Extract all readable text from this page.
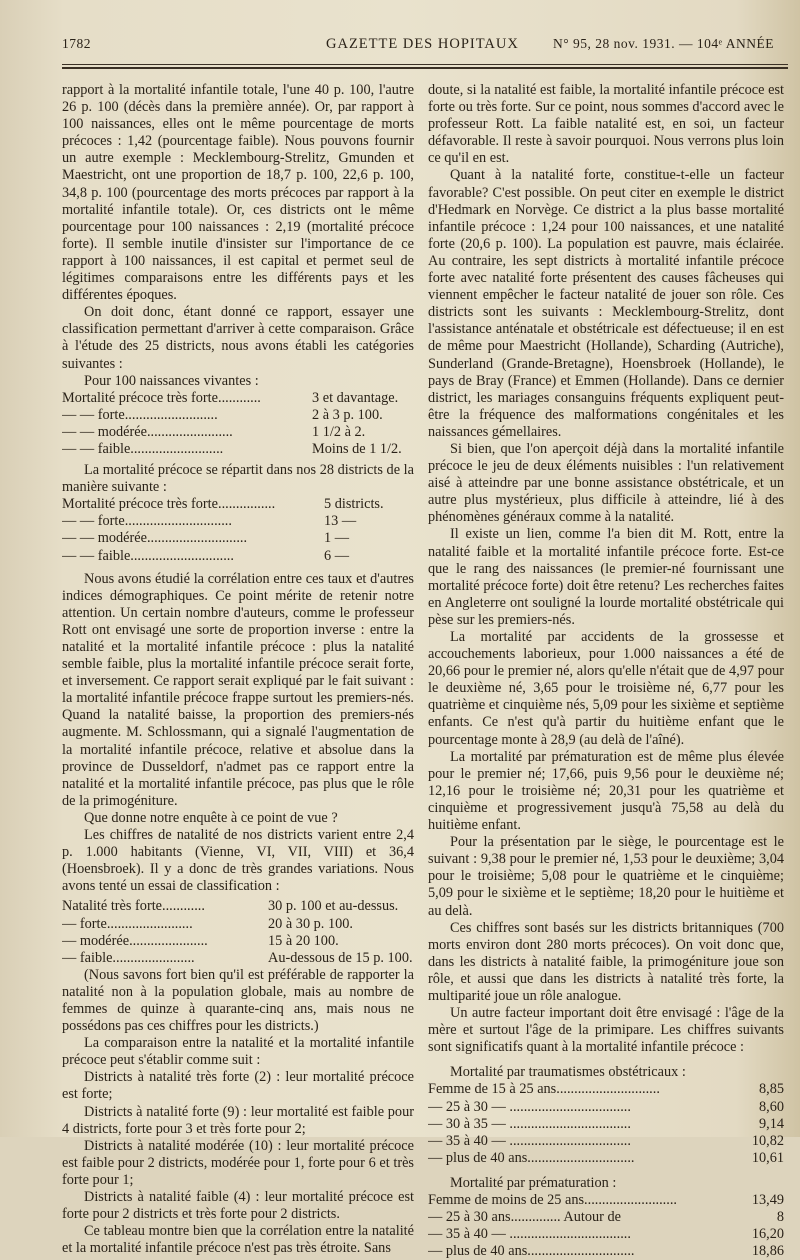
1782	GAZETTE DES HOPITAUX	N° 95, 28 nov. 1931. — 104ᵉ ANNÉE

rapport à la mortalité infantile totale, l'une 40 p. 100, l'autre 26 p. 100 (décès dans la première année). Or, par rapport à 100 naissances, elles ont le même pourcentage de morts précoces : 1,42 (pourcentage faible). Nous pouvons fournir un autre exemple : Mecklembourg-Strelitz, Gmunden et Maestricht, ont une proportion de 18,7 p. 100, 22,6 p. 100, 34,8 p. 100 (pourcentage des morts précoces par rapport à la mortalité infantile totale). Or, ces districts ont le même pourcentage pour 100 naissances : 2,19 (mortalité précoce forte). Il semble inutile d'insister sur l'importance de ce rapport à 100 naissances, il est capital et permet seul de légitimes comparaisons entre les différents pays et les différentes époques.

On doit donc, étant donné ce rapport, essayer une classification permettant d'arriver à cette comparaison. Grâce à l'étude des 25 districts, nous avons établi les catégories suivantes :

Pour 100 naissances vivantes :

Mortalité précoce très forte............	3 et davantage.
— — forte..........................	2 à 3 p. 100.
— — modérée........................	1 1/2 à 2.
— — faible..........................	Moins de 1 1/2.

La mortalité précoce se répartit dans nos 28 districts de la manière suivante :

Mortalité précoce très forte................	5 districts.
— — forte..............................	13 —
— — modérée............................	1 —
— — faible.............................	6 —

Nous avons étudié la corrélation entre ces taux et d'autres indices démographiques. Ce point mérite de retenir notre attention. Un certain nombre d'auteurs, comme le professeur Rott ont envisagé une sorte de proportion inverse : entre la natalité et la mortalité infantile précoce : plus la natalité semble faible, plus la mortalité infantile précoce serait forte, et inversement. Ce rapport serait expliqué par le fait suivant : la mortalité infantile précoce frappe surtout les premiers-nés. Quand la natalité baisse, la proportion des premiers-nés augmente. M. Schlossmann, qui a signalé l'augmentation de la mortalité infantile précoce, relative et absolue dans la province de Dusseldorf, n'admet pas ce rapport entre la natalité et la mortalité infantile précoce, pas plus que le rôle de la primogéniture.

Que donne notre enquête à ce point de vue ?

Les chiffres de natalité de nos districts varient entre 2,4 p. 1.000 habitants (Vienne, VI, VII, VIII) et 36,4 (Hoensbroek). Il y a donc de très grandes variations. Nous avons tenté un essai de classification :

Natalité très forte............	30 p. 100 et au-dessus.
— forte........................	20 à 30 p. 100.
— modérée......................	15 à 20 100.
— faible.......................	Au-dessous de 15 p. 100.

(Nous savons fort bien qu'il est préférable de rapporter la natalité non à la population globale, mais au nombre de femmes de quinze à quarante-cinq ans, mais nous ne possédons pas ces chiffres pour les districts.)

La comparaison entre la natalité et la mortalité infantile précoce peut s'établir comme suit :

Districts à natalité très forte (2) : leur mortalité précoce est forte;

Districts à natalité forte (9) : leur mortalité est faible pour 4 districts, forte pour 3 et très forte pour 2;

Districts à natalité modérée (10) : leur mortalité précoce est faible pour 2 districts, modérée pour 1, forte pour 6 et très forte pour 1;

Districts à natalité faible (4) : leur mortalité précoce est forte pour 2 districts et très forte pour 2 districts.

Ce tableau montre bien que la corrélation entre la natalité et la mortalité infantile précoce n'est pas très étroite. Sans

doute, si la natalité est faible, la mortalité infantile précoce est forte ou très forte. Sur ce point, nous sommes d'accord avec le professeur Rott. La faible natalité est, en soi, un facteur défavorable. Il reste à savoir pourquoi. Nous verrons plus loin ce qu'il en est.

Quant à la natalité forte, constitue-t-elle un facteur favorable? C'est possible. On peut citer en exemple le district d'Hedmark en Norvège. Ce district a la plus basse mortalité infantile précoce : 1,24 pour 100 naissances, et une natalité forte (20,6 p. 100). La population est pauvre, mais éclairée. Au contraire, les sept districts à mortalité infantile précoce forte avec natalité forte présentent des causes fâcheuses qui viennent empêcher le facteur natalité de jouer son rôle. Ces districts sont les suivants : Mecklembourg-Strelitz, dont l'assistance anténatale et obstétricale est défectueuse; il en est de même pour Maestricht (Hollande), Scharding (Autriche), Sunderland (Grande-Bretagne), Hoensbroek (Hollande), le pays de Bray (France) et Emmen (Hollande). Dans ce dernier district, les mariages consanguins fréquents expliquent peut-être la fréquence des malformations congénitales et les naissances gémellaires.

Si bien, que l'on aperçoit déjà dans la mortalité infantile précoce le jeu de deux éléments nuisibles : l'un relativement aisé à atteindre par une bonne assistance obstétricale, et un autre plus mystérieux, plus difficile à atteindre, lié à des phénomènes généraux comme à la natalité.

Il existe un lien, comme l'a bien dit M. Rott, entre la natalité faible et la mortalité infantile précoce forte. Est-ce que le rang des naissances (le premier-né fournissant une mortalité précoce forte) doit être retenu? Les recherches faites en Angleterre ont souligné la lourde mortalité obstétricale qui pèse sur les premiers-nés.

La mortalité par accidents de la grossesse et accouchements laborieux, pour 1.000 naissances a été de 20,66 pour le premier né, alors qu'elle n'était que de 4,97 pour le deuxième né, 3,65 pour le troisième né, 6,77 pour les quatrième et cinquième nés, 5,09 pour les sixième et septième enfants. Ce n'est qu'à partir du huitième enfant que le pourcentage monte à 28,9 (au delà de l'aîné).

La mortalité par prématuration est de même plus élevée pour le premier né; 17,66, puis 9,56 pour le deuxième né; 12,16 pour le troisième né; 20,31 pour les quatrième et cinquième et progressivement jusqu'à 75,58 au delà du huitième enfant.

Pour la présentation par le siège, le pourcentage est le suivant : 9,38 pour le premier né, 1,53 pour le deuxième; 3,04 pour le troisième; 5,08 pour le quatrième et le cinquième; 5,09 pour le sixième et le septième; 18,20 pour le huitième et au delà.

Ces chiffres sont basés sur les districts britanniques (700 morts environ dont 280 morts précoces). On voit donc que, dans les districts à natalité faible, la primogéniture joue son rôle, et aussi que dans les districts à natalité très forte, la multiparité joue un rôle analogue.

Un autre facteur important doit être envisagé : l'âge de la mère et surtout l'âge de la primipare. Les chiffres suivants sont significatifs quant à la mortalité infantile précoce :

Mortalité par traumatismes obstétricaux :

Femme de 15 à 25 ans.............................	8,85
— 25 à 30 — ..................................	8,60
— 30 à 35 — ..................................	9,14
— 35 à 40 — ..................................	10,82
— plus de 40 ans..............................	10,61

Mortalité par prématuration :

Femme de moins de 25 ans..........................	13,49
— 25 à 30 ans.............. Autour de	8
— 35 à 40 — ..................................	16,20
— plus de 40 ans..............................	18,86
